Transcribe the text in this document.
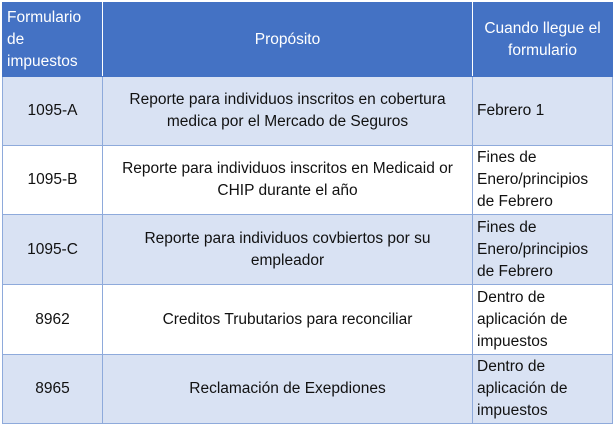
Formulario de impuestos	Propósito	Cuando llegue el formulario
1095-A	Reporte para individuos inscritos en cobertura medica por el Mercado de Seguros	Febrero 1
1095-B	Reporte para individuos inscritos en Medicaid or CHIP durante el año	Fines de Enero/principios de Febrero
1095-C	Reporte para individuos covbiertos por su empleador	Fines de Enero/principios de Febrero
8962	Creditos Trubutarios para reconciliar	Dentro de aplicación de impuestos
8965	Reclamación de Exepdiones	Dentro de aplicación de impuestos
